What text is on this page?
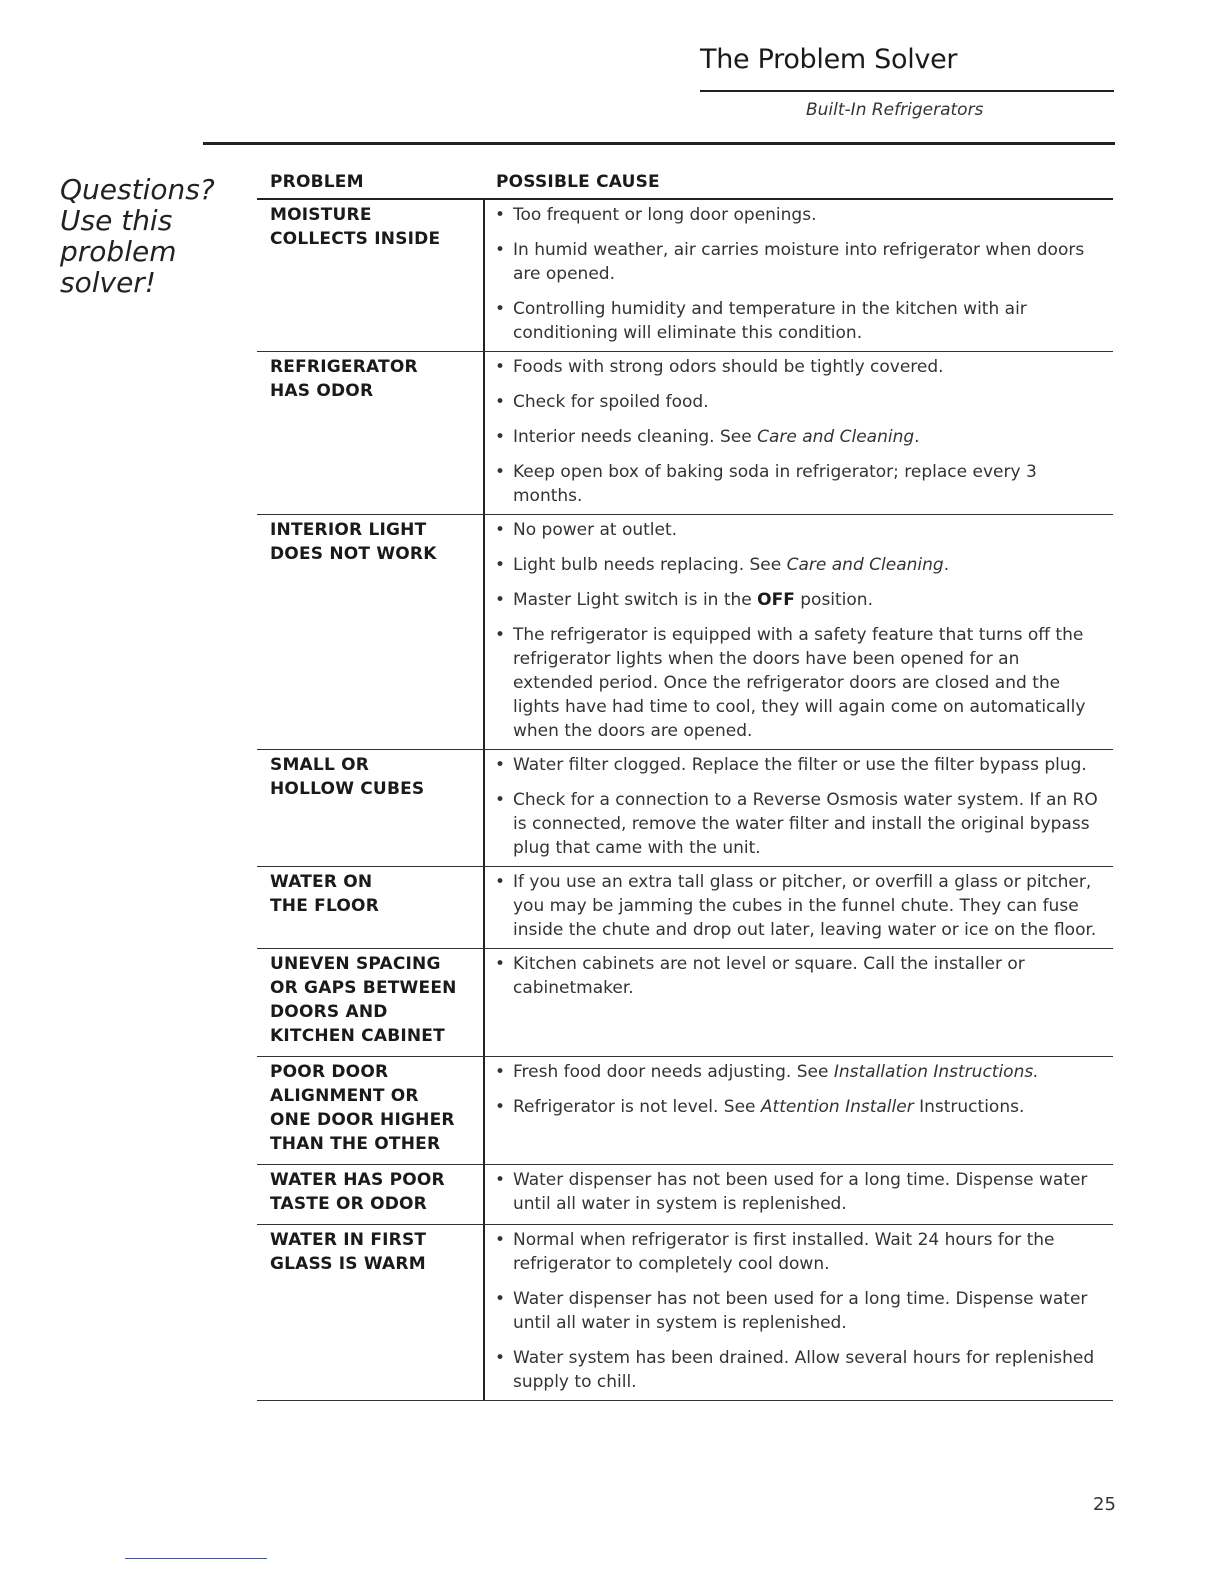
The Problem Solver
Built-In Refrigerators
Questions?
Use this
problem
solver!
PROBLEM	POSSIBLE CAUSE
MOISTURE
COLLECTS INSIDE
• Too frequent or long door openings.
• In humid weather, air carries moisture into refrigerator when doors are opened.
• Controlling humidity and temperature in the kitchen with air conditioning will eliminate this condition.
REFRIGERATOR
HAS ODOR
• Foods with strong odors should be tightly covered.
• Check for spoiled food.
• Interior needs cleaning. See Care and Cleaning.
• Keep open box of baking soda in refrigerator; replace every 3 months.
INTERIOR LIGHT
DOES NOT WORK
• No power at outlet.
• Light bulb needs replacing. See Care and Cleaning.
• Master Light switch is in the OFF position.
• The refrigerator is equipped with a safety feature that turns off the refrigerator lights when the doors have been opened for an extended period. Once the refrigerator doors are closed and the lights have had time to cool, they will again come on automatically when the doors are opened.
SMALL OR
HOLLOW CUBES
• Water filter clogged. Replace the filter or use the filter bypass plug.
• Check for a connection to a Reverse Osmosis water system. If an RO is connected, remove the water filter and install the original bypass plug that came with the unit.
WATER ON
THE FLOOR
• If you use an extra tall glass or pitcher, or overfill a glass or pitcher, you may be jamming the cubes in the funnel chute. They can fuse inside the chute and drop out later, leaving water or ice on the floor.
UNEVEN SPACING
OR GAPS BETWEEN
DOORS AND
KITCHEN CABINET
• Kitchen cabinets are not level or square. Call the installer or cabinetmaker.
POOR DOOR
ALIGNMENT OR
ONE DOOR HIGHER
THAN THE OTHER
• Fresh food door needs adjusting. See Installation Instructions.
• Refrigerator is not level. See Attention Installer Instructions.
WATER HAS POOR
TASTE OR ODOR
• Water dispenser has not been used for a long time. Dispense water until all water in system is replenished.
WATER IN FIRST
GLASS IS WARM
• Normal when refrigerator is first installed. Wait 24 hours for the refrigerator to completely cool down.
• Water dispenser has not been used for a long time. Dispense water until all water in system is replenished.
• Water system has been drained. Allow several hours for replenished supply to chill.
25
